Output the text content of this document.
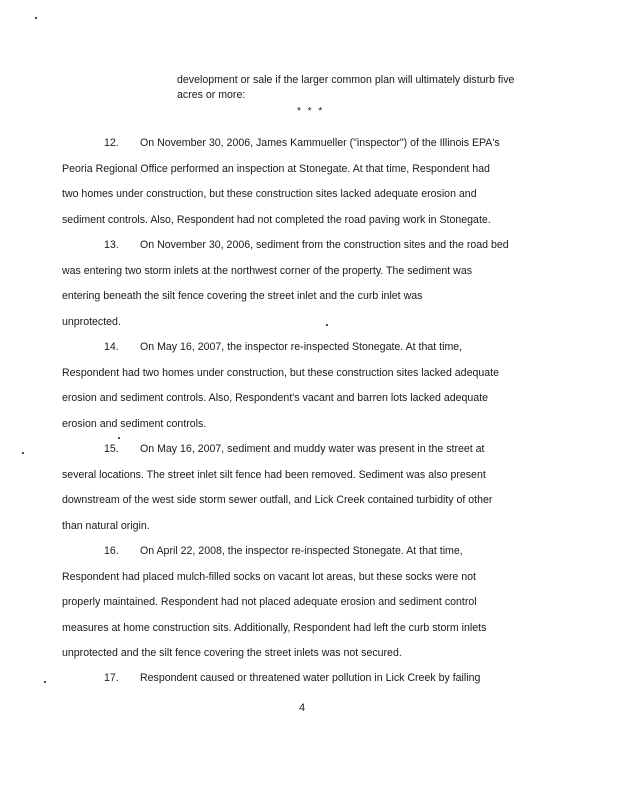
development or sale if the larger common plan will ultimately disturb five
acres or more:
* * *
12. On November 30, 2006, James Kammueller ("inspector") of the Illinois EPA's
Peoria Regional Office performed an inspection at Stonegate. At that time, Respondent had
two homes under construction, but these construction sites lacked adequate erosion and
sediment controls. Also, Respondent had not completed the road paving work in Stonegate.
13. On November 30, 2006, sediment from the construction sites and the road bed
was entering two storm inlets at the northwest corner of the property. The sediment was
entering beneath the silt fence covering the street inlet and the curb inlet was
unprotected.
14. On May 16, 2007, the inspector re-inspected Stonegate. At that time,
Respondent had two homes under construction, but these construction sites lacked adequate
erosion and sediment controls. Also, Respondent's vacant and barren lots lacked adequate
erosion and sediment controls.
15. On May 16, 2007, sediment and muddy water was present in the street at
several locations. The street inlet silt fence had been removed. Sediment was also present
downstream of the west side storm sewer outfall, and Lick Creek contained turbidity of other
than natural origin.
16. On April 22, 2008, the inspector re-inspected Stonegate. At that time,
Respondent had placed mulch-filled socks on vacant lot areas, but these socks were not
properly maintained. Respondent had not placed adequate erosion and sediment control
measures at home construction sits. Additionally, Respondent had left the curb storm inlets
unprotected and the silt fence covering the street inlets was not secured.
17. Respondent caused or threatened water pollution in Lick Creek by failing
4
